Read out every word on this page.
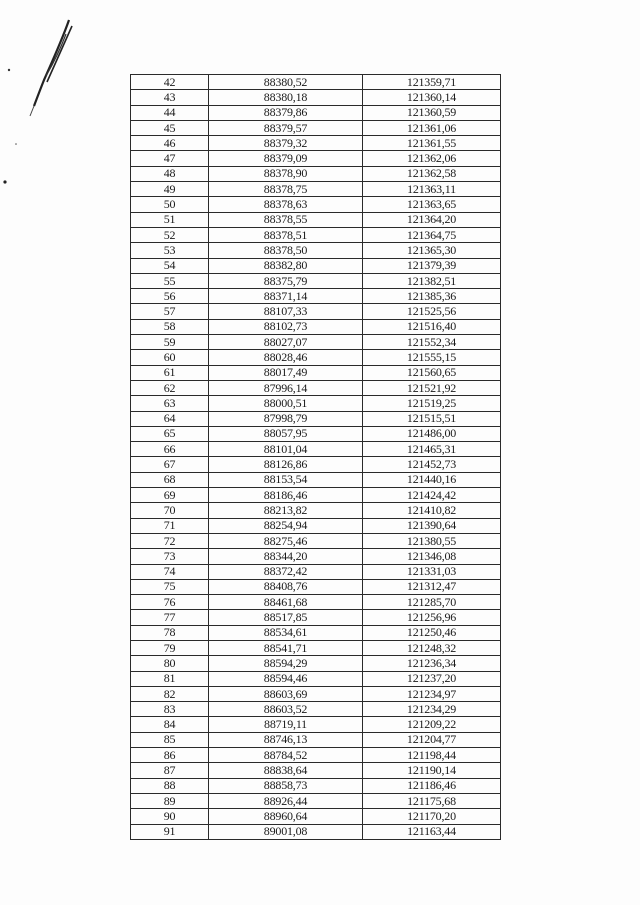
42	88380,52	121359,71
43	88380,18	121360,14
44	88379,86	121360,59
45	88379,57	121361,06
46	88379,32	121361,55
47	88379,09	121362,06
48	88378,90	121362,58
49	88378,75	121363,11
50	88378,63	121363,65
51	88378,55	121364,20
52	88378,51	121364,75
53	88378,50	121365,30
54	88382,80	121379,39
55	88375,79	121382,51
56	88371,14	121385,36
57	88107,33	121525,56
58	88102,73	121516,40
59	88027,07	121552,34
60	88028,46	121555,15
61	88017,49	121560,65
62	87996,14	121521,92
63	88000,51	121519,25
64	87998,79	121515,51
65	88057,95	121486,00
66	88101,04	121465,31
67	88126,86	121452,73
68	88153,54	121440,16
69	88186,46	121424,42
70	88213,82	121410,82
71	88254,94	121390,64
72	88275,46	121380,55
73	88344,20	121346,08
74	88372,42	121331,03
75	88408,76	121312,47
76	88461,68	121285,70
77	88517,85	121256,96
78	88534,61	121250,46
79	88541,71	121248,32
80	88594,29	121236,34
81	88594,46	121237,20
82	88603,69	121234,97
83	88603,52	121234,29
84	88719,11	121209,22
85	88746,13	121204,77
86	88784,52	121198,44
87	88838,64	121190,14
88	88858,73	121186,46
89	88926,44	121175,68
90	88960,64	121170,20
91	89001,08	121163,44
